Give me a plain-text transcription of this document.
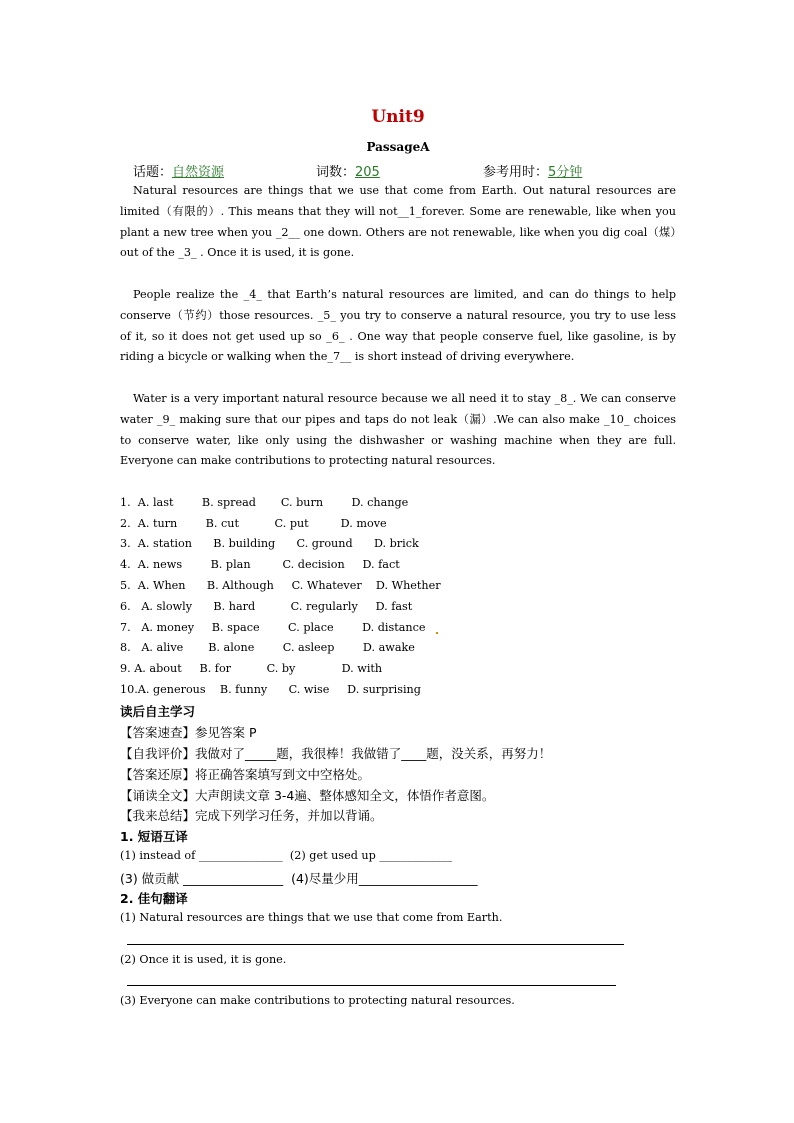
Unit9
PassageA
话题：自然资源	词数：205	参考用时：5分钟
Natural resources are things that we use that come from Earth. Out natural resources are limited（有限的）. This means that they will not__1_forever. Some are renewable, like when you plant a new tree when you _2__ one down. Others are not renewable, like when you dig coal（煤）out of the _3_ . Once it is used, it is gone.
People realize the _4_ that Earth’s natural resources are limited, and can do things to help conserve（节约）those resources. _5_ you try to conserve a natural resource, you try to use less of it, so it does not get used up so _6_ . One way that people conserve fuel, like gasoline, is by riding a bicycle or walking when the_7__ is short instead of driving everywhere.
Water is a very important natural resource because we all need it to stay _8_. We can conserve water _9_ making sure that our pipes and taps do not leak（漏）.We can also make _10_ choices to conserve water, like only using the dishwasher or washing machine when they are full. Everyone can make contributions to protecting natural resources.
1.  A. last        B. spread       C. burn        D. change
2.  A. turn        B. cut          C. put         D. move
3.  A. station      B. building      C. ground      D. brick
4.  A. news        B. plan         C. decision     D. fact
5.  A. When      B. Although     C. Whatever    D. Whether
6.   A. slowly      B. hard          C. regularly     D. fast
7.   A. money     B. space        C. place        D. distance
8.   A. alive       B. alone        C. asleep        D. awake
9. A. about     B. for          C. by             D. with
10.A. generous    B. funny      C. wise     D. surprising
读后自主学习
【答案速查】参见答案 P
【自我评价】我做对了_____题，我很棒！我做错了____题，没关系，再努力！
【答案还原】将正确答案填写到文中空格处。
【诵读全文】大声朗读文章 3-4遍、整体感知全文，体悟作者意图。
【我来总结】完成下列学习任务，并加以背诵。
1. 短语互译
(1) instead of _______________  (2) get used up _____________
(3) 做贡献 ________________  (4)尽量少用___________________
2. 佳句翻译
(1) Natural resources are things that we use that come from Earth.
(2) Once it is used, it is gone.
(3) Everyone can make contributions to protecting natural resources.
